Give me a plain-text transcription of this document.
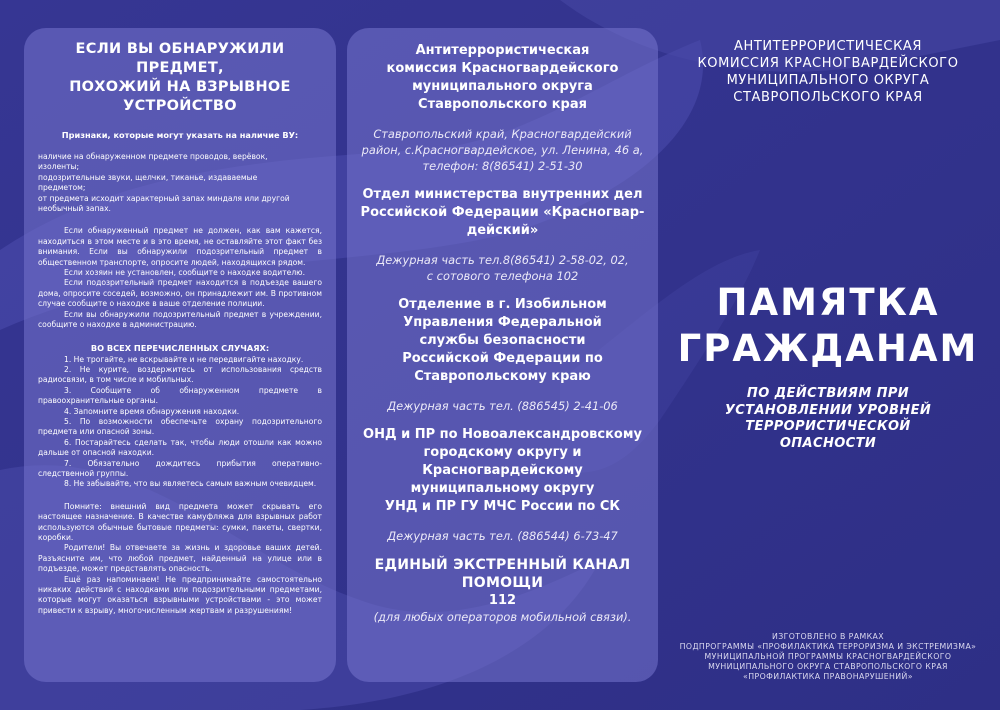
ЕСЛИ ВЫ ОБНАРУЖИЛИ
ПРЕДМЕТ,
ПОХОЖИЙ НА ВЗРЫВНОЕ
УСТРОЙСТВО
Признаки, которые могут указать на наличие ВУ:
наличие на обнаруженном предмете проводов, верёвок,
изоленты;
подозрительные звуки, щелчки, тиканье, издаваемые
предметом;
от предмета исходит характерный запах миндаля или другой
необычный запах.

Если обнаруженный предмет не должен, как вам кажется, находиться в этом месте и в это время, не оставляйте этот факт без внимания. Если вы обнаружили подозрительный предмет в общественном транспорте, опросите людей, находящихся рядом.

Если хозяин не установлен, сообщите о находке водителю.

Если подозрительный предмет находится в подъезде вашего дома, опросите соседей, возможно, он принадлежит им. В противном случае сообщите о находке в ваше отделение полиции.

Если вы обнаружили подозрительный предмет в учреждении, сообщите о находке в администрацию.

ВО ВСЕХ ПЕРЕЧИСЛЕННЫХ СЛУЧАЯХ:
1. Не трогайте, не вскрывайте и не передвигайте находку.
2. Не курите, воздержитесь от использования средств радиосвязи, в том числе и мобильных.
3. Сообщите об обнаруженном предмете в правоохранительные органы.
4. Запомните время обнаружения находки.
5. По возможности обеспечьте охрану подозрительного предмета или опасной зоны.
6. Постарайтесь сделать так, чтобы люди отошли как можно дальше от опасной находки.
7. Обязательно дождитесь прибытия оперативно-следственной группы.
8. Не забывайте, что вы являетесь самым важным очевидцем.

Помните: внешний вид предмета может скрывать его настоящее назначение. В качестве камуфляжа для взрывных работ используются обычные бытовые предметы: сумки, пакеты, свертки, коробки.

Родители! Вы отвечаете за жизнь и здоровье ваших детей. Разъясните им, что любой предмет, найденный на улице или в подъезде, может представлять опасность.

Ещё раз напоминаем! Не предпринимайте самостоятельно никаких действий с находками или подозрительными предметами, которые могут оказаться взрывными устройствами - это может привести к взрыву, многочисленным жертвам и разрушениям!

Антитеррористическая
комиссия Красногвардейского
муниципального округа
Ставропольского края
Ставропольский край, Красногвардейский
район, с.Красногвардейское, ул. Ленина, 46 а,
телефон: 8(86541) 2-51-30
Отдел министерства внутренних дел
Российской Федерации «Красногвар-
дейский»
Дежурная часть тел.8(86541) 2-58-02, 02,
с сотового телефона 102
Отделение в г. Изобильном
Управления Федеральной
службы безопасности
Российской Федерации по
Ставропольскому краю
Дежурная часть тел. (886545) 2-41-06
ОНД и ПР по Новоалександровскому
городскому округу и
Красногвардейскому
муниципальному округу
УНД и ПР ГУ МЧС России по СК
Дежурная часть тел. (886544) 6-73-47
ЕДИНЫЙ ЭКСТРЕННЫЙ КАНАЛ
ПОМОЩИ
112
(для любых операторов мобильной связи).
АНТИТЕРРОРИСТИЧЕСКАЯ
КОМИССИЯ КРАСНОГВАРДЕЙСКОГО
МУНИЦИПАЛЬНОГО ОКРУГА
СТАВРОПОЛЬСКОГО КРАЯ
ПАМЯТКА
ГРАЖДАНАМ
ПО ДЕЙСТВИЯМ ПРИ
УСТАНОВЛЕНИИ УРОВНЕЙ
ТЕРРОРИСТИЧЕСКОЙ
ОПАСНОСТИ
ИЗГОТОВЛЕНО В РАМКАХ
ПОДПРОГРАММЫ «ПРОФИЛАКТИКА ТЕРРОРИЗМА И ЭКСТРЕМИЗМА»
МУНИЦИПАЛЬНОЙ ПРОГРАММЫ КРАСНОГВАРДЕЙСКОГО
МУНИЦИПАЛЬНОГО ОКРУГА СТАВРОПОЛЬСКОГО КРАЯ
«ПРОФИЛАКТИКА ПРАВОНАРУШЕНИЙ»
